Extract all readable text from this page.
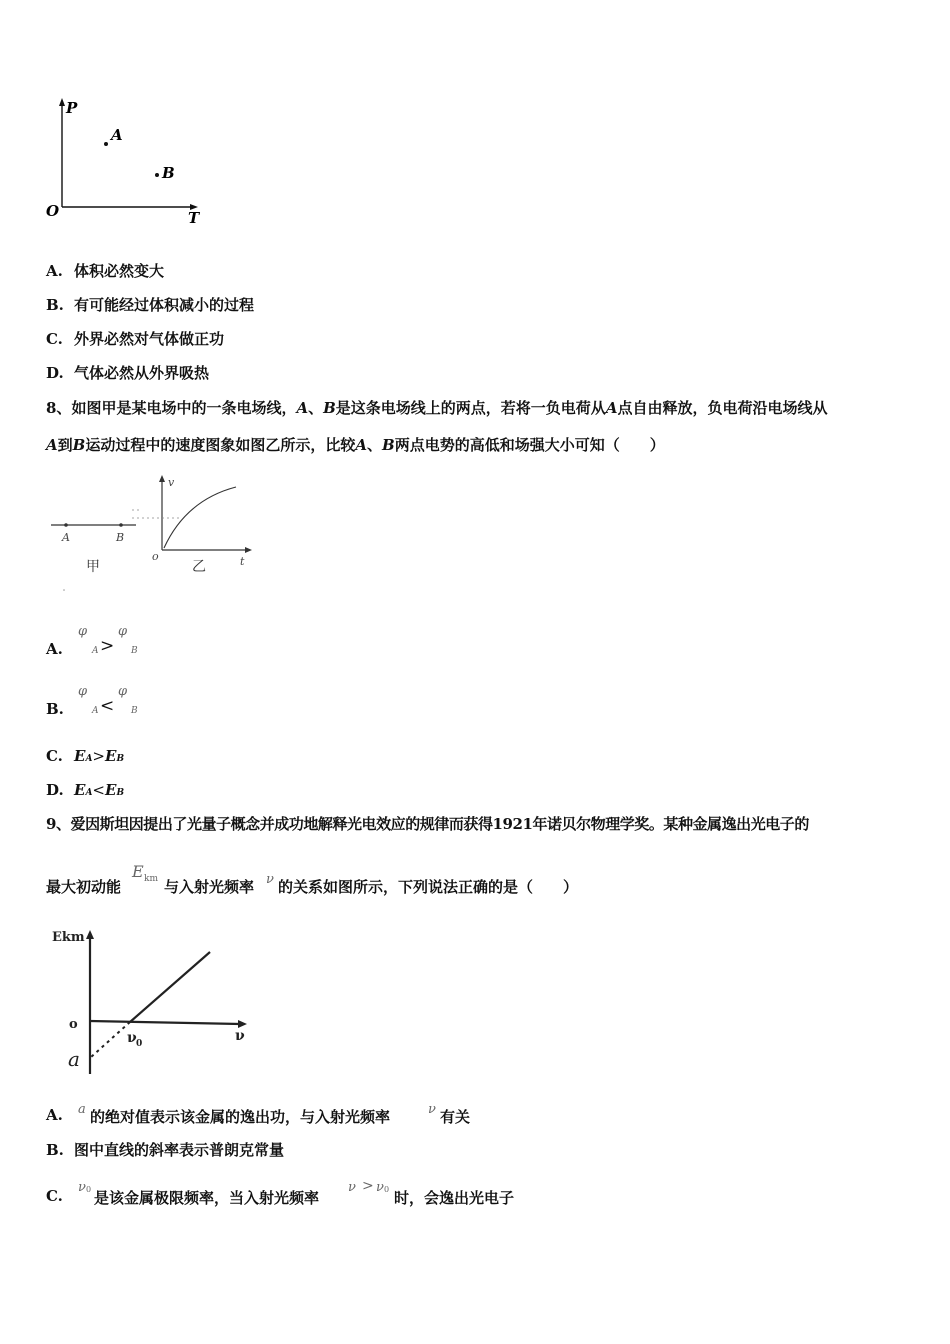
P
T
O
A
B
A. 体积必然变大
B. 有可能经过体积减小的过程
C. 外界必然对气体做正功
D. 气体必然从外界吸热
8、如图甲是某电场中的一条电场线，A、B是这条电场线上的两点，若将一负电荷从A点自由释放，负电荷沿电场线从
A到B运动过程中的速度图象如图乙所示，比较A、B两点电势的高低和场强大小可知（　　）
A	B
甲
v
o	t
乙
A.
φ
A >
φ
B
B.
φ
A <
φ
B
C. EA>EB
D. EA<EB
9、爱因斯坦因提出了光量子概念并成功地解释光电效应的规律而获得1921年诺贝尔物理学奖。某种金属逸出光电子的
最大初动能
E km 与入射光频率 ν 的关系如图所示，下列说法正确的是（　　）
Ekm
o
ν
ν 0
a
A. a 的绝对值表示该金属的逸出功，与入射光频率	ν 有关
B. 图中直线的斜率表示普朗克常量
C. ν 0 是该金属极限频率，当入射光频率
ν > ν 0 时，会逸出光电子
